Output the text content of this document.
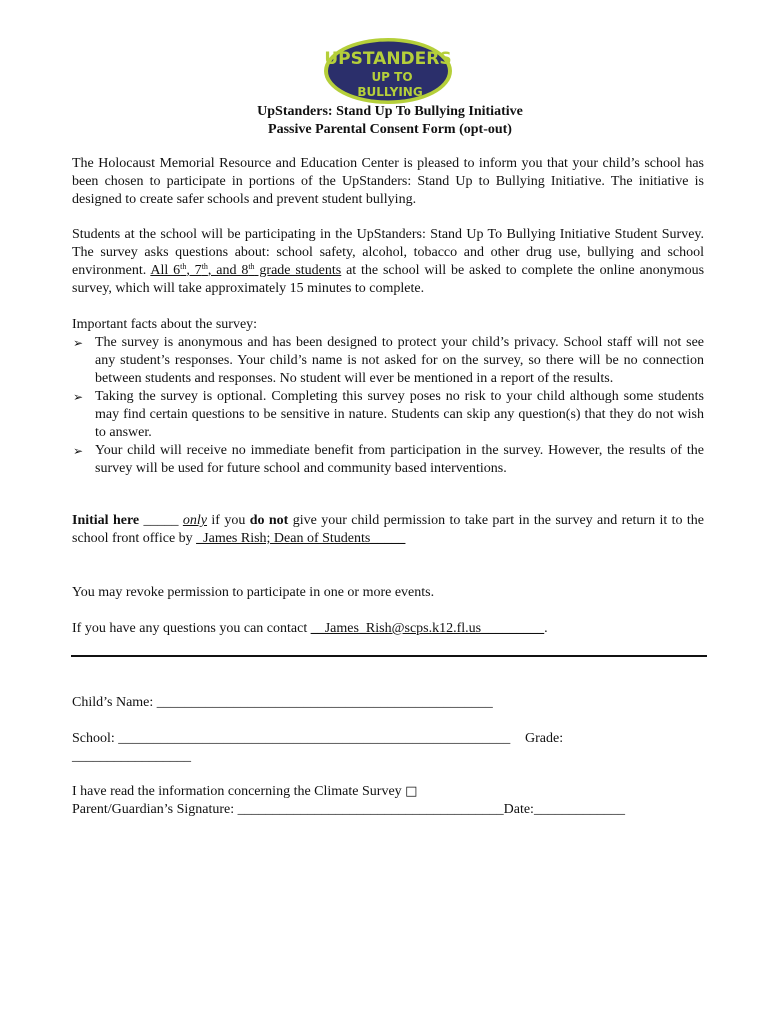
UPSTANDERS
UP TO
BULLYING
UpStanders: Stand Up To Bullying Initiative
Passive Parental Consent Form (opt-out)

The Holocaust Memorial Resource and Education Center is pleased to inform you that your child’s school has been chosen to participate in portions of the UpStanders: Stand Up to Bullying Initiative. The initiative is designed to create safer schools and prevent student bullying.

Students at the school will be participating in the UpStanders: Stand Up To Bullying Initiative Student Survey. The survey asks questions about: school safety, alcohol, tobacco and other drug use, bullying and school environment. All 6th, 7th, and 8th grade students at the school will be asked to complete the online anonymous survey, which will take approximately 15 minutes to complete.

Important facts about the survey:

➢ The survey is anonymous and has been designed to protect your child’s privacy. School staff will not see any student’s responses. Your child’s name is not asked for on the survey, so there will be no connection between students and responses. No student will ever be mentioned in a report of the results.
➢ Taking the survey is optional. Completing this survey poses no risk to your child although some students may find certain questions to be sensitive in nature. Students can skip any question(s) that they do not wish to answer.
➢ Your child will receive no immediate benefit from participation in the survey. However, the results of the survey will be used for future school and community based interventions.

Initial here _____ only if you do not give your child permission to take part in the survey and return it to the school front office by _James Rish; Dean of Students_____

You may revoke permission to participate in one or more events.
If you have any questions you can contact __James_Rish@scps.k12.fl.us_________.
Child’s Name: ________________________________________________
School: ________________________________________________________ Grade:
_________________
I have read the information concerning the Climate Survey □
Parent/Guardian’s Signature: ______________________________________Date:_____________
